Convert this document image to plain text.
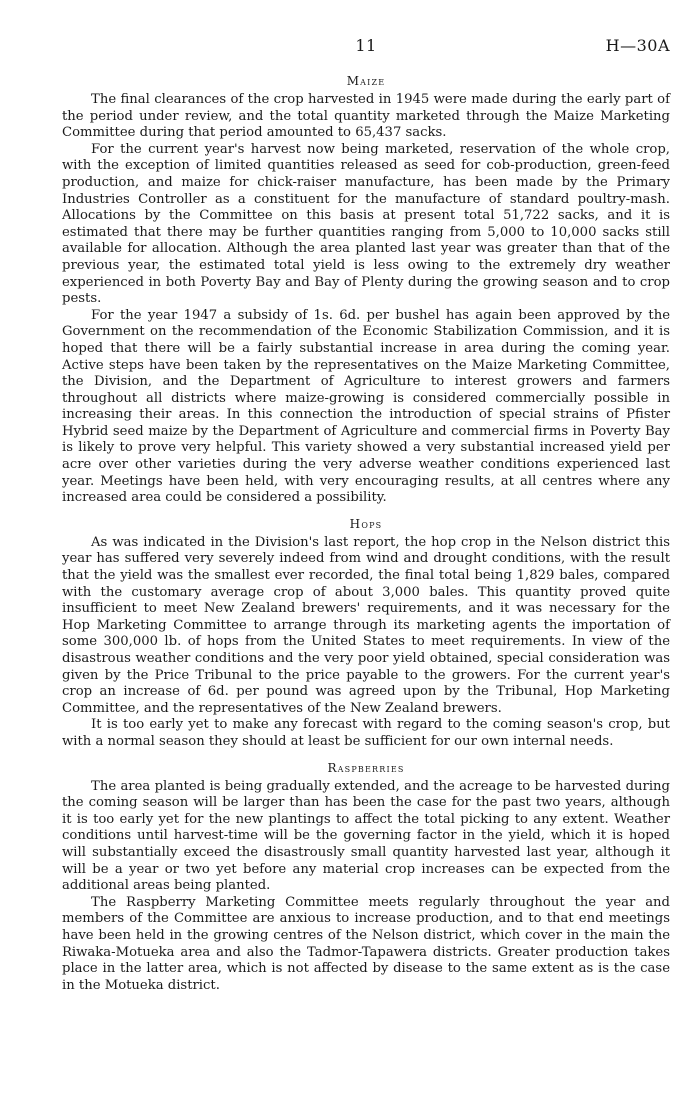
11	H—30A
Maize

The final clearances of the crop harvested in 1945 were made during the early part of the period under review, and the total quantity marketed through the Maize Marketing Committee during that period amounted to 65,437 sacks.

For the current year's harvest now being marketed, reservation of the whole crop, with the exception of limited quantities released as seed for cob-production, green-feed production, and maize for chick-raiser manufacture, has been made by the Primary Industries Controller as a constituent for the manufacture of standard poultry-mash. Allocations by the Committee on this basis at present total 51,722 sacks, and it is estimated that there may be further quantities ranging from 5,000 to 10,000 sacks still available for allocation. Although the area planted last year was greater than that of the previous year, the estimated total yield is less owing to the extremely dry weather experienced in both Poverty Bay and Bay of Plenty during the growing season and to crop pests.

For the year 1947 a subsidy of 1s. 6d. per bushel has again been approved by the Government on the recommendation of the Economic Stabilization Commission, and it is hoped that there will be a fairly substantial increase in area during the coming year. Active steps have been taken by the representatives on the Maize Marketing Committee, the Division, and the Department of Agriculture to interest growers and farmers throughout all districts where maize-growing is considered commercially possible in increasing their areas. In this connection the introduction of special strains of Pfister Hybrid seed maize by the Department of Agriculture and commercial firms in Poverty Bay is likely to prove very helpful. This variety showed a very substantial increased yield per acre over other varieties during the very adverse weather conditions experienced last year. Meetings have been held, with very encouraging results, at all centres where any increased area could be considered a possibility.

Hops

As was indicated in the Division's last report, the hop crop in the Nelson district this year has suffered very severely indeed from wind and drought conditions, with the result that the yield was the smallest ever recorded, the final total being 1,829 bales, compared with the customary average crop of about 3,000 bales. This quantity proved quite insufficient to meet New Zealand brewers' requirements, and it was necessary for the Hop Marketing Committee to arrange through its marketing agents the importation of some 300,000 lb. of hops from the United States to meet requirements. In view of the disastrous weather conditions and the very poor yield obtained, special consideration was given by the Price Tribunal to the price payable to the growers. For the current year's crop an increase of 6d. per pound was agreed upon by the Tribunal, Hop Marketing Committee, and the representatives of the New Zealand brewers.

It is too early yet to make any forecast with regard to the coming season's crop, but with a normal season they should at least be sufficient for our own internal needs.

Raspberries

The area planted is being gradually extended, and the acreage to be harvested during the coming season will be larger than has been the case for the past two years, although it is too early yet for the new plantings to affect the total picking to any extent. Weather conditions until harvest-time will be the governing factor in the yield, which it is hoped will substantially exceed the disastrously small quantity harvested last year, although it will be a year or two yet before any material crop increases can be expected from the additional areas being planted.

The Raspberry Marketing Committee meets regularly throughout the year and members of the Committee are anxious to increase production, and to that end meetings have been held in the growing centres of the Nelson district, which cover in the main the Riwaka-Motueka area and also the Tadmor-Tapawera districts. Greater production takes place in the latter area, which is not affected by disease to the same extent as is the case in the Motueka district.
